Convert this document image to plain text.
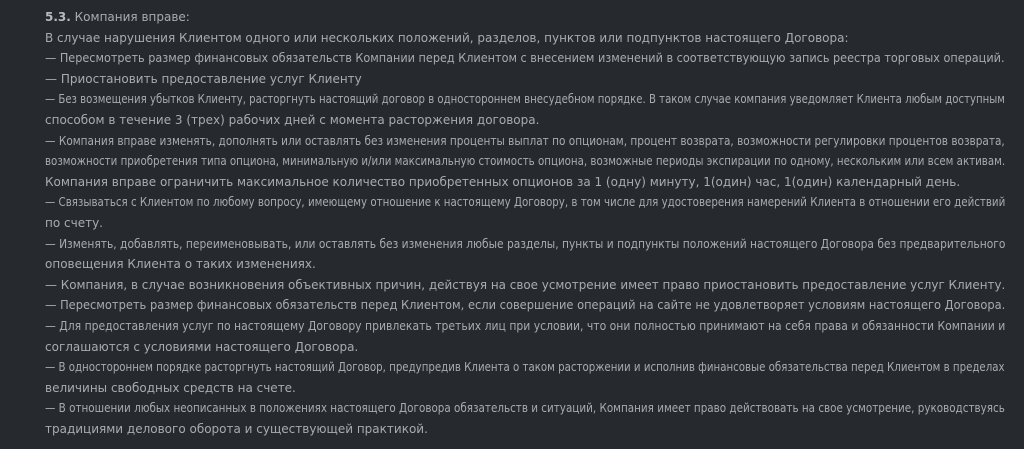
5.3. Компания вправе:
В случае нарушения Клиентом одного или нескольких положений, разделов, пунктов или подпунктов настоящего Договора:
— Пересмотреть размер финансовых обязательств Компании перед Клиентом с внесением изменений в соответствующую запись реестра торговых операций.
— Приостановить предоставление услуг Клиенту
— Без возмещения убытков Клиенту, расторгнуть настоящий договор в одностороннем внесудебном порядке. В таком случае компания уведомляет Клиента любым доступным
способом в течение 3 (трех) рабочих дней с момента расторжения договора.
— Компания вправе изменять, дополнять или оставлять без изменения проценты выплат по опционам, процент возврата, возможности регулировки процентов возврата,
возможности приобретения типа опциона, минимальную и/или максимальную стоимость опциона, возможные периоды экспирации по одному, нескольким или всем активам.
Компания вправе ограничить максимальное количество приобретенных опционов за 1 (одну) минуту, 1(один) час, 1(один) календарный день.
— Связываться с Клиентом по любому вопросу, имеющему отношение к настоящему Договору, в том числе для удостоверения намерений Клиента в отношении его действий
по счету.
— Изменять, добавлять, переименовывать, или оставлять без изменения любые разделы, пункты и подпункты положений настоящего Договора без предварительного
оповещения Клиента о таких изменениях.
— Компания, в случае возникновения объективных причин, действуя на свое усмотрение имеет право приостановить предоставление услуг Клиенту.
— Пересмотреть размер финансовых обязательств перед Клиентом, если совершение операций на сайте не удовлетворяет условиям настоящего Договора.
— Для предоставления услуг по настоящему Договору привлекать третьих лиц при условии, что они полностью принимают на себя права и обязанности Компании и
соглашаются с условиями настоящего Договора.
— В одностороннем порядке расторгнуть настоящий Договор, предупредив Клиента о таком расторжении и исполнив финансовые обязательства перед Клиентом в пределах
величины свободных средств на счете.
— В отношении любых неописанных в положениях настоящего Договора обязательств и ситуаций, Компания имеет право действовать на свое усмотрение, руководствуясь
традициями делового оборота и существующей практикой.
